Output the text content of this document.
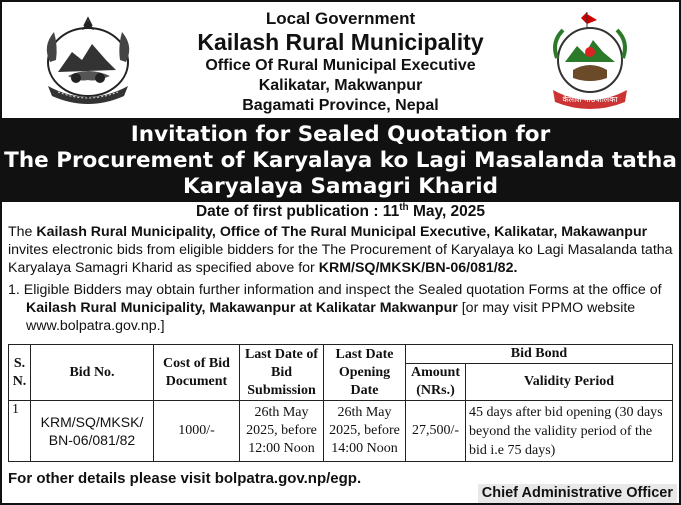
Local Government
Kailash Rural Municipality
Office Of Rural Municipal Executive
Kalikatar, Makwanpur
Bagamati Province, Nepal	कैलाश गाउँपालिका
Invitation for Sealed Quotation for
The Procurement of Karyalaya ko Lagi Masalanda tatha
Karyalaya Samagri Kharid
Date of first publication : 11th May, 2025
The Kailash Rural Municipality, Office of The Rural Municipal Executive, Kalikatar, Makawanpur invites electronic bids from eligible bidders for the The Procurement of Karyalaya ko Lagi Masalanda tatha Karyalaya Samagri Kharid as specified above for KRM/SQ/MKSK/BN-06/081/82.
1. Eligible Bidders may obtain further information and inspect the Sealed quotation Forms at the office of Kailash Rural Municipality, Makawanpur at Kalikatar Makwanpur [or may visit PPMO website www.bolpatra.gov.np.]
S. N.	Bid No.	Cost of Bid Document	Last Date of Bid Submission	Last Date Opening Date	Bid Bond	
					Amount (NRs.)	Validity Period
1	KRM/SQ/MKSK/ BN-06/081/82	1000/-	26th May 2025, before 12:00 Noon	26th May 2025, before 14:00 Noon	27,500/-	45 days after bid opening (30 days beyond the validity period of the bid i.e 75 days)
For other details please visit bolpatra.gov.np/egp.
Chief Administrative Officer
